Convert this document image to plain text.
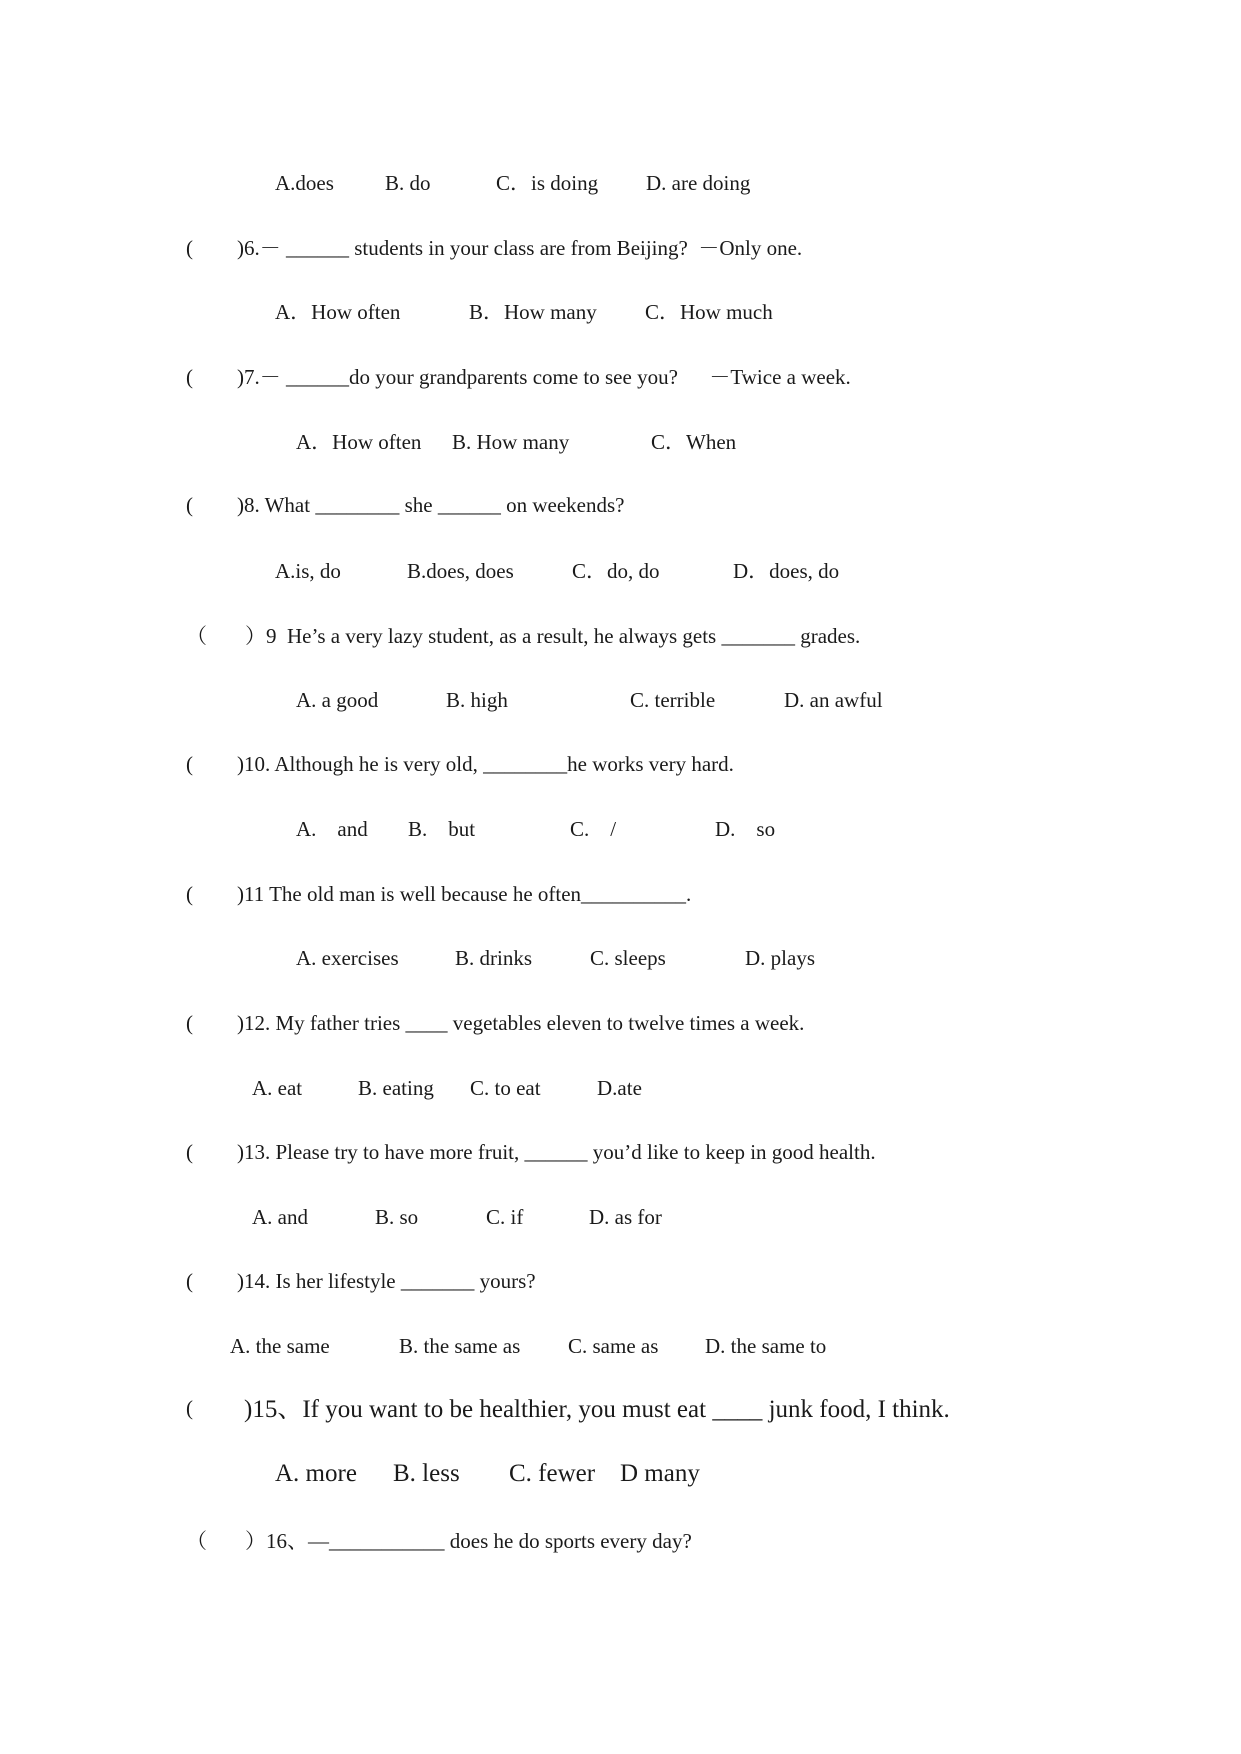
A.does B. do	C．is doing D. are doing
( )6.－ ______ students in your class are from Beijing?  －Only one.
A．How often	B．How many C．How much
( )7.－ ______do your grandparents come to see you?      －Twice a week.
A．How often B. How many	C．When
( )8. What ________ she ______ on weekends?
A.is, do	B.does, does	C．do, do	D．does, do
（ ）9  He’s a very lazy student, as a result, he always gets _______ grades.
A. a good	B. high	C. terrible	D. an awful
( )10. Although he is very old, ________he works very hard.
A.    and B.    but	C.    /	D.    so
( )11 The old man is well because he often__________.
A. exercises	B. drinks	C. sleeps	D. plays
( )12. My father tries ____ vegetables eleven to twelve times a week.
A. eat	B. eating C. to eat	D.ate
( )13. Please try to have more fruit, ______ you’d like to keep in good health.
A. and	B. so	C. if	D. as for
( )14. Is her lifestyle _______ yours?
A. the same	B. the same as C. same as D. the same to
( )15、If you want to be healthier, you must eat ____ junk food, I think.
A. more B. less C. fewer D many
（ ）16、—___________ does he do sports every day?
